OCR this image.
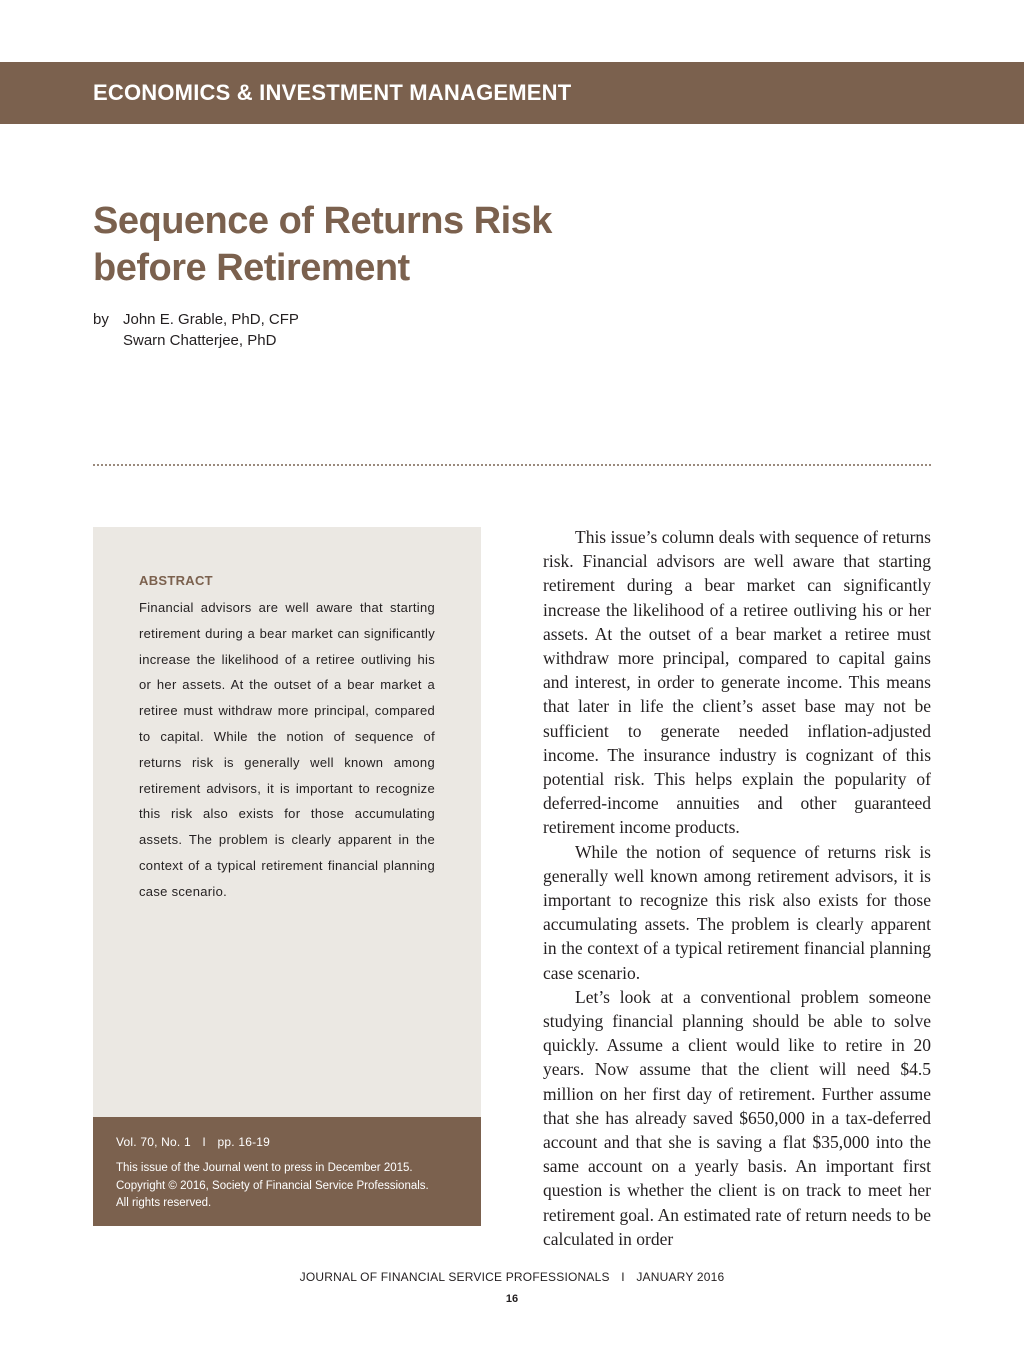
ECONOMICS & INVESTMENT MANAGEMENT
Sequence of Returns Risk
before Retirement
by John E. Grable, PhD, CFP
Swarn Chatterjee, PhD
ABSTRACT

Financial advisors are well aware that starting retirement during a bear market can significantly increase the likelihood of a retiree outliving his or her assets. At the outset of a bear market a retiree must withdraw more principal, compared to capital. While the notion of sequence of returns risk is generally well known among retirement advisors, it is important to recognize this risk also exists for those accumulating assets. The problem is clearly apparent in the context of a typical retirement financial planning case scenario.

Vol. 70, No. 1 I pp. 16-19

This issue of the Journal went to press in December 2015.
Copyright © 2016, Society of Financial Service Professionals.
All rights reserved.

This issue’s column deals with sequence of returns risk. Financial advisors are well aware that starting retirement during a bear market can significantly increase the likelihood of a retiree outliving his or her assets. At the outset of a bear market a retiree must withdraw more principal, compared to capital gains and interest, in order to generate income. This means that later in life the client’s asset base may not be sufficient to generate needed inflation-adjusted income. The insurance industry is cognizant of this potential risk. This helps explain the popularity of deferred-income annuities and other guaranteed retirement income products.

While the notion of sequence of returns risk is generally well known among retirement advisors, it is important to recognize this risk also exists for those accumulating assets. The problem is clearly apparent in the context of a typical retirement financial planning case scenario.

Let’s look at a conventional problem someone studying financial planning should be able to solve quickly. Assume a client would like to retire in 20 years. Now assume that the client will need $4.5 million on her first day of retirement. Further assume that she has already saved $650,000 in a tax-deferred account and that she is saving a flat $35,000 into the same account on a yearly basis. An important first question is whether the client is on track to meet her retirement goal. An estimated rate of return needs to be calculated in order

JOURNAL OF FINANCIAL SERVICE PROFESSIONALS I JANUARY 2016
16
